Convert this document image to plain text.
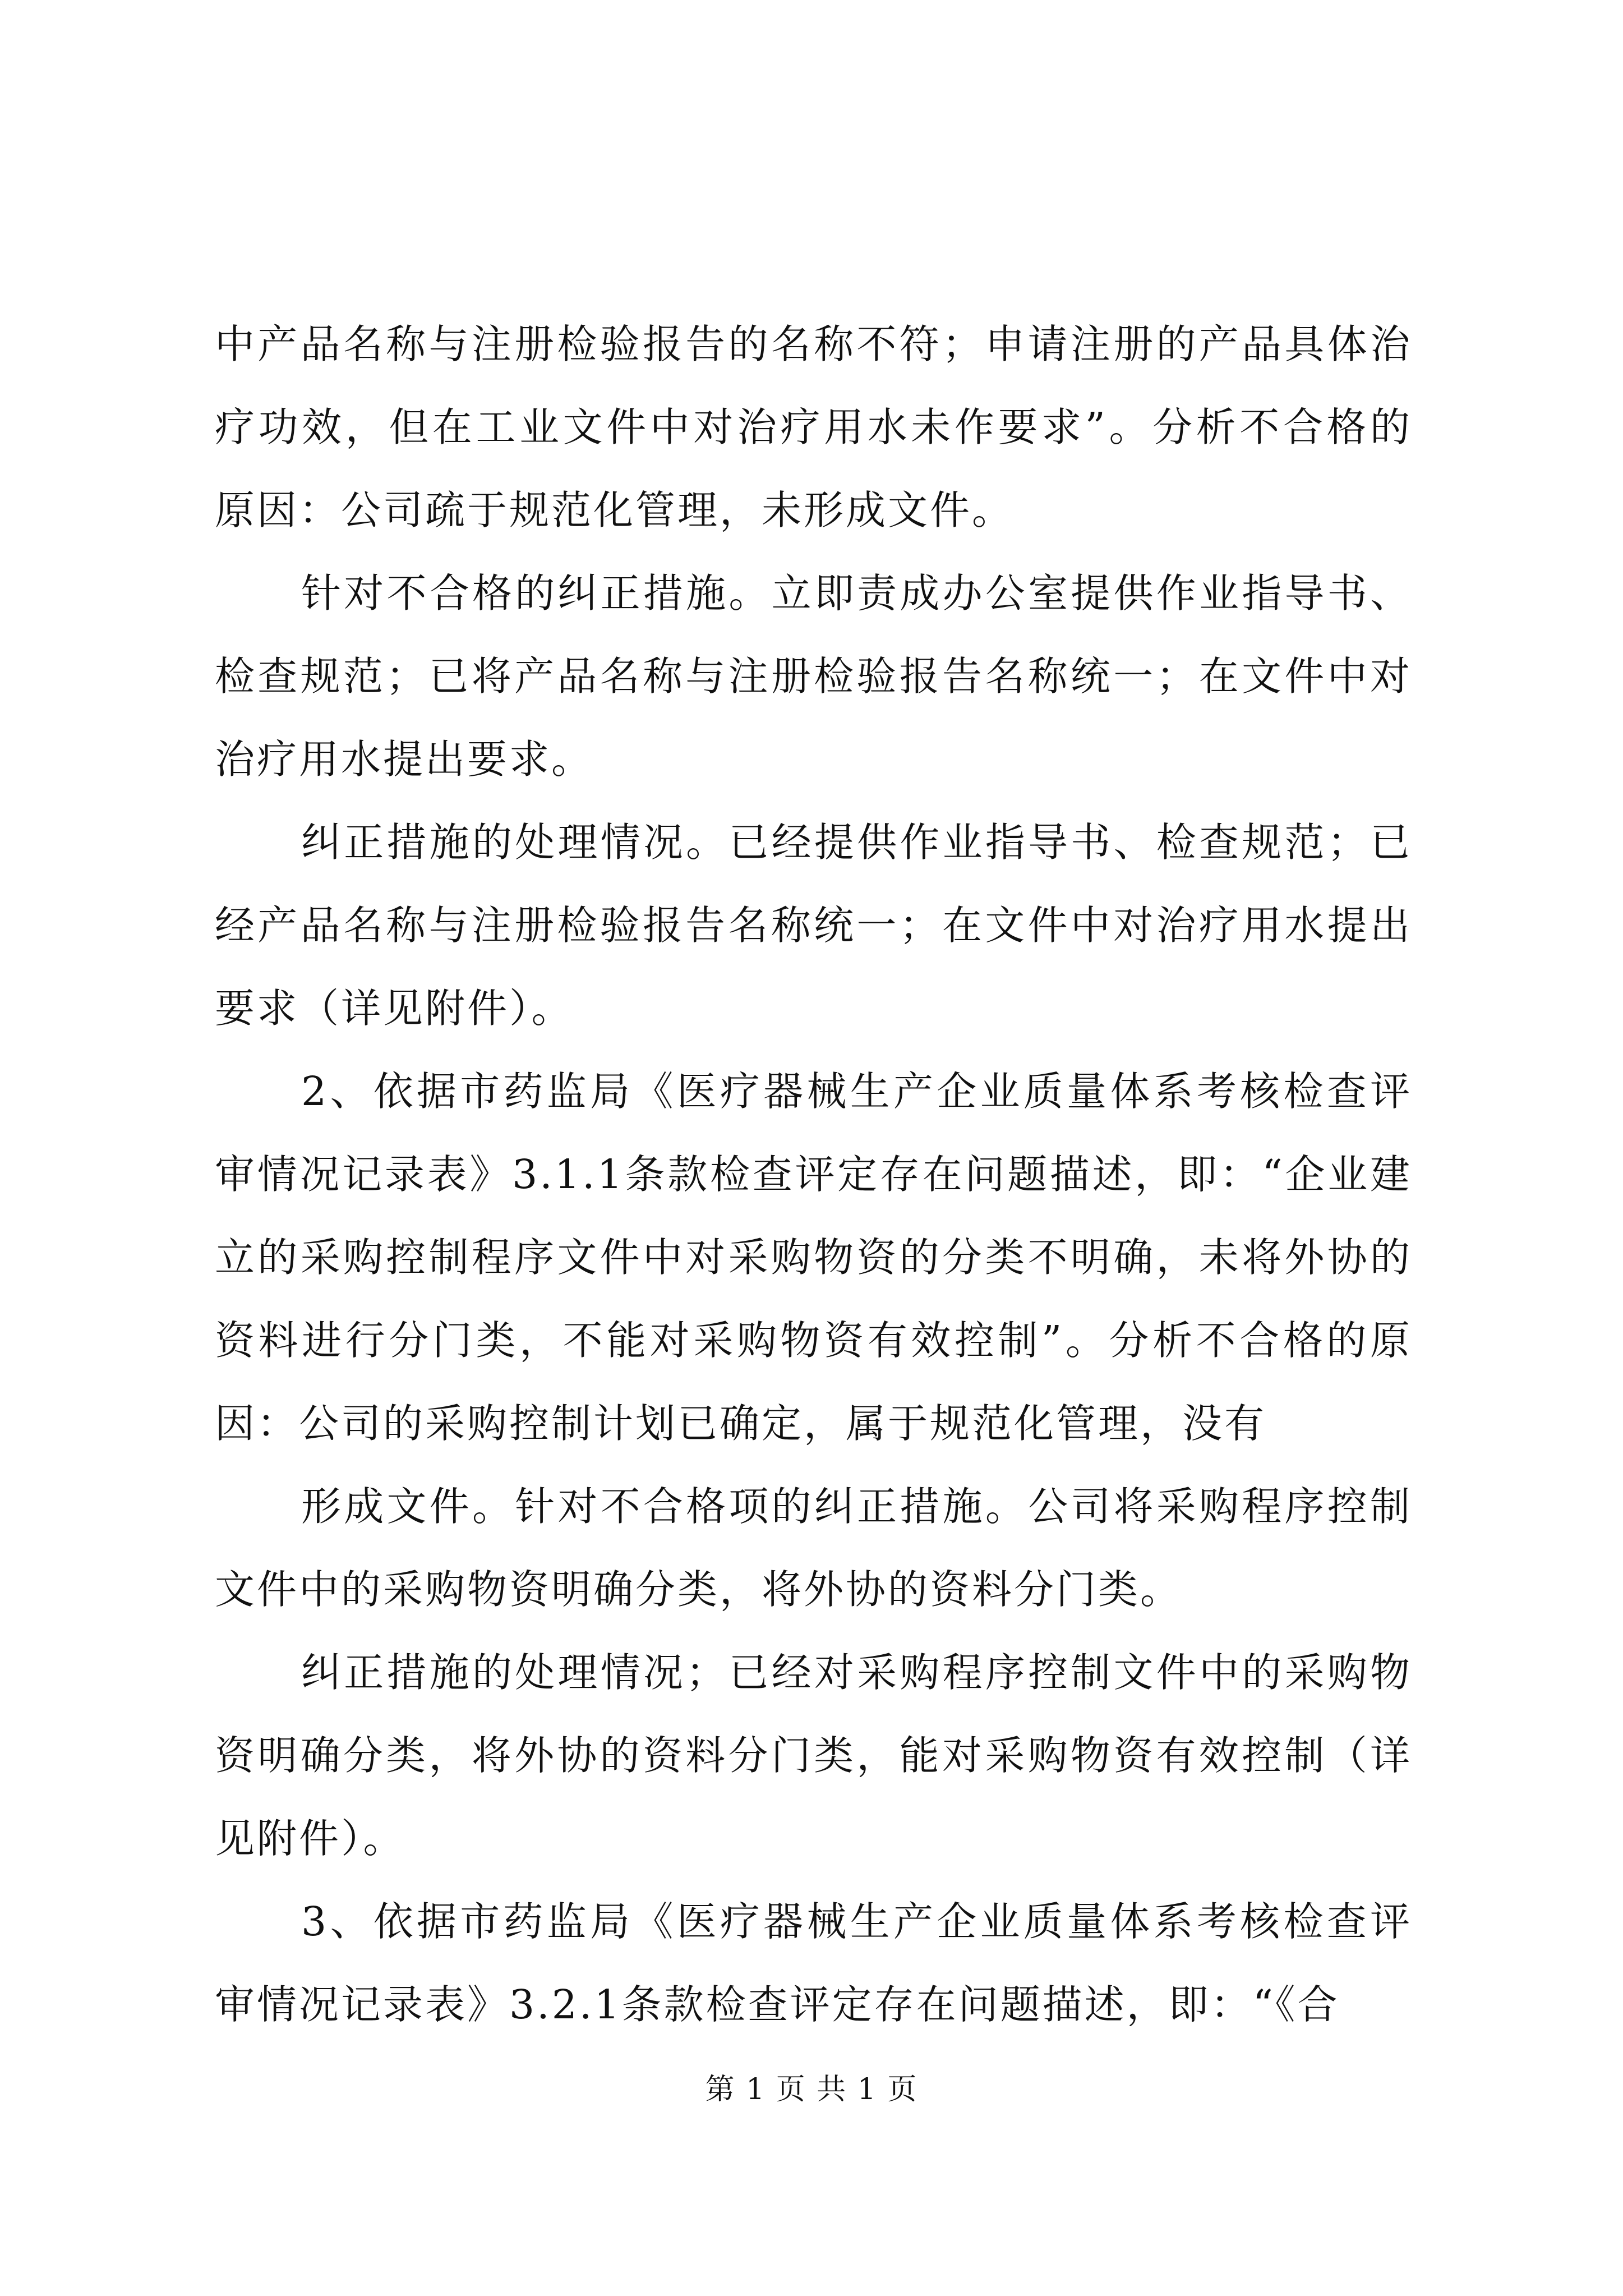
中产品名称与注册检验报告的名称不符；申请注册的产品具体治疗功效，但在工业文件中对治疗用水未作要求”。分析不合格的原因：公司疏于规范化管理，未形成文件。

针对不合格的纠正措施。立即责成办公室提供作业指导书、检查规范；已将产品名称与注册检验报告名称统一；在文件中对治疗用水提出要求。

纠正措施的处理情况。已经提供作业指导书、检查规范；已经产品名称与注册检验报告名称统一；在文件中对治疗用水提出要求（详见附件）。

2、依据市药监局《医疗器械生产企业质量体系考核检查评审情况记录表》3.1.1条款检查评定存在问题描述，即：“企业建立的采购控制程序文件中对采购物资的分类不明确，未将外协的资料进行分门类，不能对采购物资有效控制”。分析不合格的原因：公司的采购控制计划已确定，属于规范化管理，没有

形成文件。针对不合格项的纠正措施。公司将采购程序控制文件中的采购物资明确分类，将外协的资料分门类。

纠正措施的处理情况；已经对采购程序控制文件中的采购物资明确分类，将外协的资料分门类，能对采购物资有效控制（详见附件）。

3、依据市药监局《医疗器械生产企业质量体系考核检查评审情况记录表》3.2.1条款检查评定存在问题描述，即：“《合

第 1 页 共 1 页
